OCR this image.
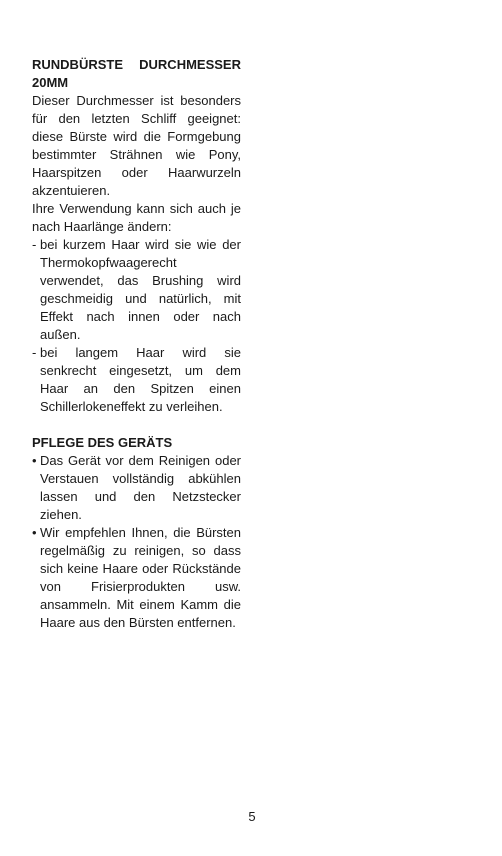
RUNDBÜRSTE DURCHMESSER 20MM

Dieser Durchmesser ist besonders für den letzten Schliff geeignet: diese Bürste wird die Formgebung bestimmter Strähnen wie Pony, Haarspitzen oder Haarwurzeln akzentuieren.

Ihre Verwendung kann sich auch je nach Haarlänge ändern:

- bei kurzem Haar wird sie wie der Thermokopfwaagerecht verwendet, das Brushing wird geschmeidig und natürlich, mit Effekt nach innen oder nach außen.
- bei langem Haar wird sie senkrecht eingesetzt, um dem Haar an den Spitzen einen Schillerlokeneffekt zu verleihen.

PFLEGE DES GERÄTS

• Das Gerät vor dem Reinigen oder Verstauen vollständig abkühlen lassen und den Netzstecker ziehen.
• Wir empfehlen Ihnen, die Bürsten regelmäßig zu reinigen, so dass sich keine Haare oder Rückstände von Frisierprodukten usw. ansammeln. Mit einem Kamm die Haare aus den Bürsten entfernen.
5
